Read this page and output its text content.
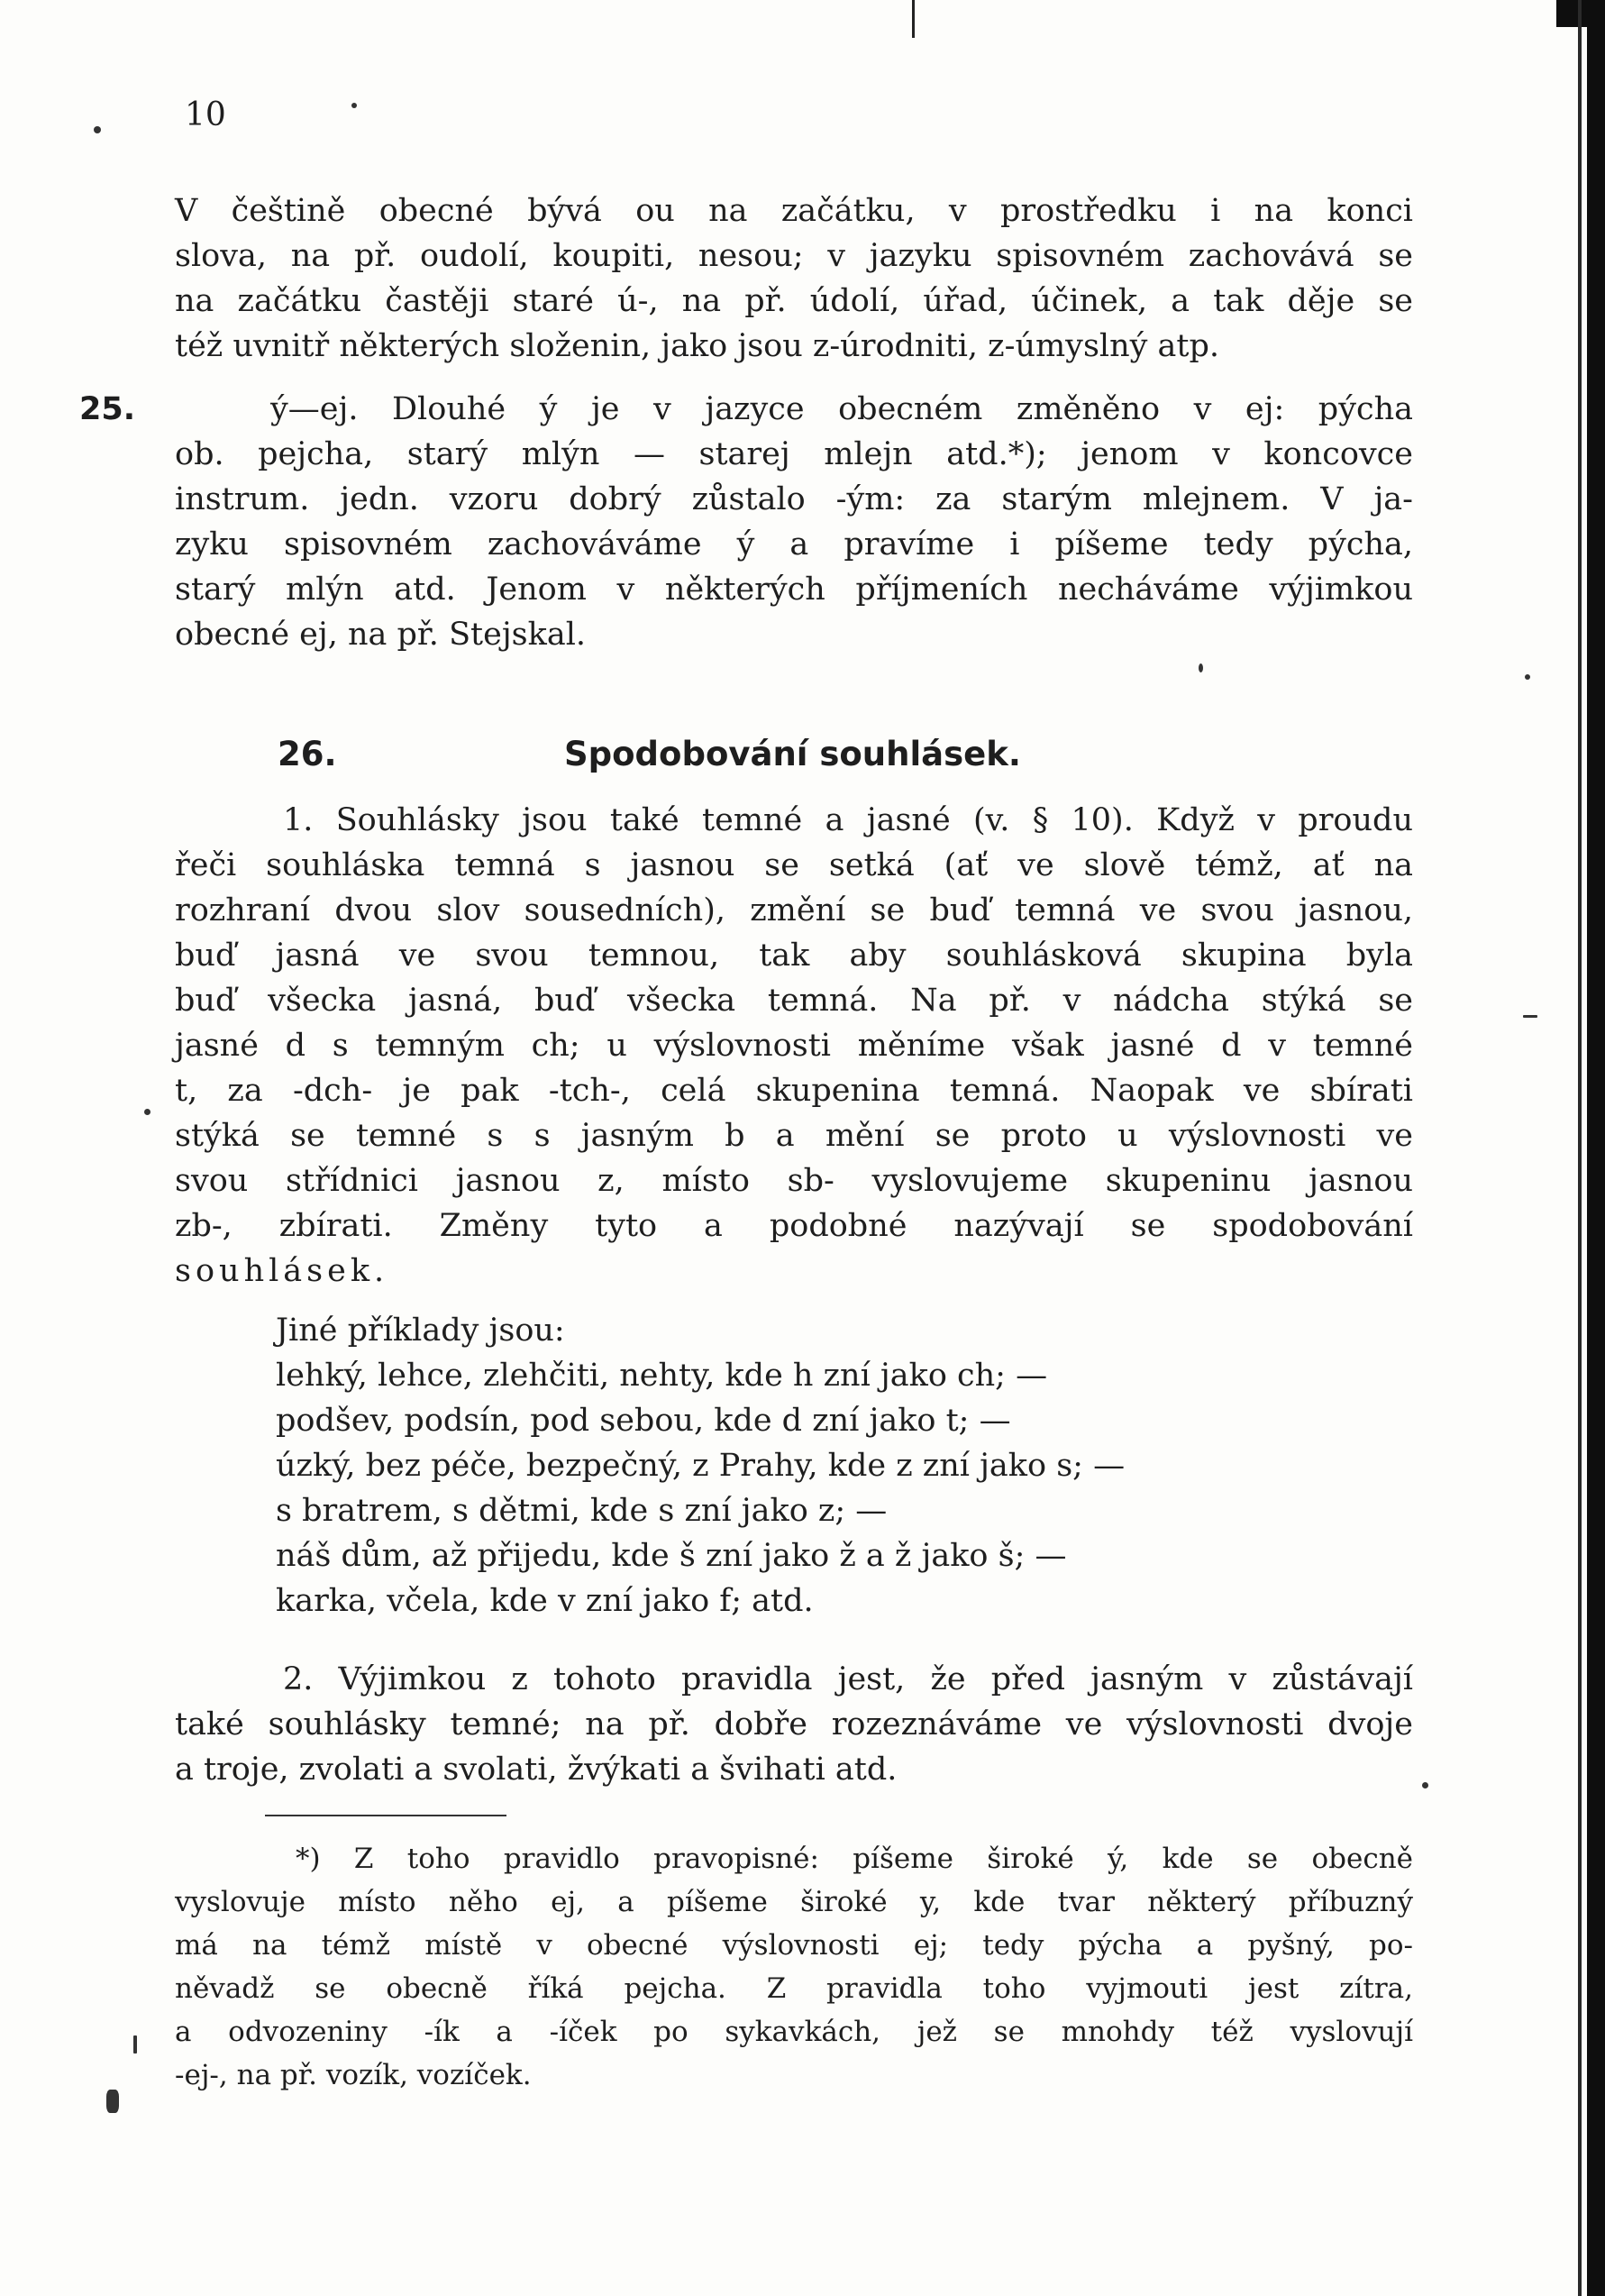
10
V češtině obecné bývá ou na začátku, v prostředku i na konci
slova, na př. oudolí, koupiti, nesou; v jazyku spisovném zachovává se
na začátku častěji staré ú-, na př. údolí, úřad, účinek, a tak děje se
též uvnitř některých složenin, jako jsou z-úrodniti, z-úmyslný atp.
25.	ý—ej. Dlouhé ý je v jazyce obecném změněno v ej: pýcha
ob. pejcha, starý mlýn — starej mlejn atd.*); jenom v koncovce
instrum. jedn. vzoru dobrý zůstalo -ým: za starým mlejnem. V ja-
zyku spisovném zachováváme ý a pravíme i píšeme tedy pýcha,
starý mlýn atd. Jenom v některých příjmeních necháváme výjimkou
obecné ej, na př. Stejskal.
26.	Spodobování souhlásek.
1. Souhlásky jsou také temné a jasné (v. § 10). Když v proudu
řeči souhláska temná s jasnou se setká (ať ve slově témž, ať na
rozhraní dvou slov sousedních), změní se buď temná ve svou jasnou,
buď jasná ve svou temnou, tak aby souhlásková skupina byla
buď všecka jasná, buď všecka temná. Na př. v nádcha stýká se
jasné d s temným ch; u výslovnosti měníme však jasné d v temné
t, za -dch- je pak -tch-, celá skupenina temná. Naopak ve sbírati
stýká se temné s s jasným b a mění se proto u výslovnosti ve
svou střídnici jasnou z, místo sb- vyslovujeme skupeninu jasnou
zb-, zbírati. Změny tyto a podobné nazývají se spodobování
souhlásek.
Jiné příklady jsou:
lehký, lehce, zlehčiti, nehty, kde h zní jako ch; —
podšev, podsín, pod sebou, kde d zní jako t; —
úzký, bez péče, bezpečný, z Prahy, kde z zní jako s; —
s bratrem, s dětmi, kde s zní jako z; —
náš dům, až přijedu, kde š zní jako ž a ž jako š; —
karka, včela, kde v zní jako f; atd.
2. Výjimkou z tohoto pravidla jest, že před jasným v zůstávají
také souhlásky temné; na př. dobře rozeznáváme ve výslovnosti dvoje
a troje, zvolati a svolati, žvýkati a švihati atd.
*) Z toho pravidlo pravopisné: píšeme široké ý, kde se obecně
vyslovuje místo něho ej, a píšeme široké y, kde tvar některý příbuzný
má na témž místě v obecné výslovnosti ej; tedy pýcha a pyšný, po-
něvadž se obecně říká pejcha. Z pravidla toho vyjmouti jest zítra,
a odvozeniny -ík a -íček po sykavkách, jež se mnohdy též vyslovují
-ej-, na př. vozík, vozíček.
